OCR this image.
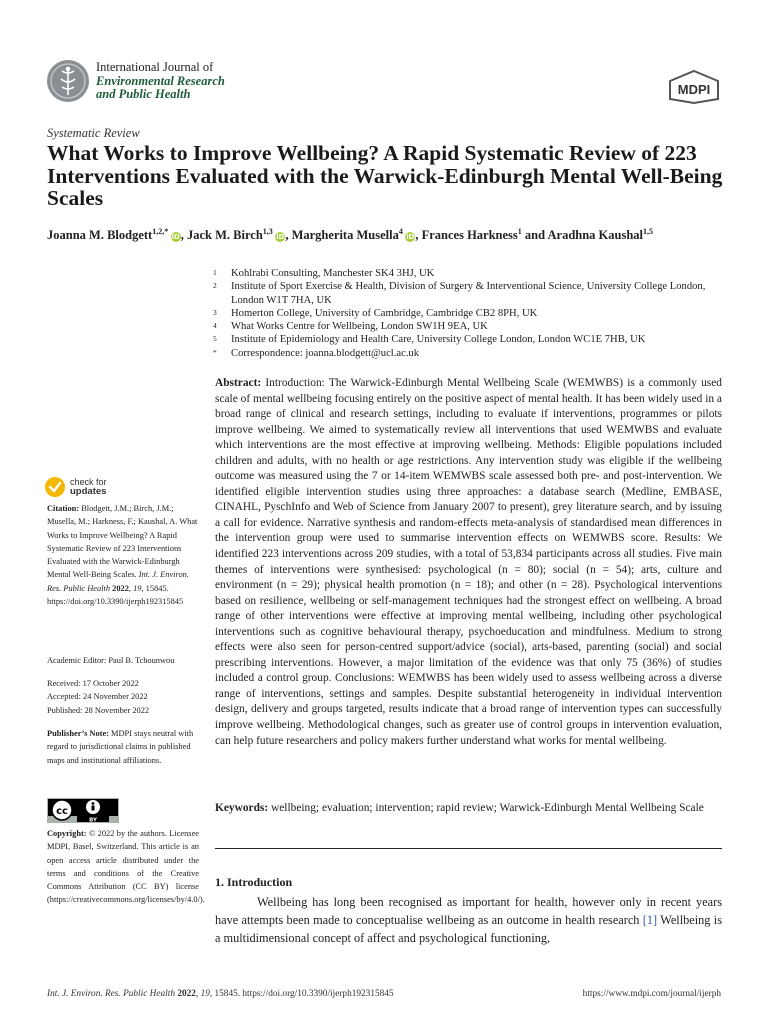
International Journal of
Environmental Research
and Public Health	MDPI
Systematic Review
What Works to Improve Wellbeing? A Rapid Systematic Review of 223 Interventions Evaluated with the Warwick-Edinburgh Mental Well-Being Scales
Joanna M. Blodgett$^{1,2,*}$ iD, Jack M. Birch$^{1,3}$ iD, Margherita Musella$^4$ iD, Frances Harkness$^1$ and Aradhna Kaushal$^{1,5}$
1	Kohlrabi Consulting, Manchester SK4 3HJ, UK
2	Institute of Sport Exercise & Health, Division of Surgery & Interventional Science, University College London, London W1T 7HA, UK
3	Homerton College, University of Cambridge, Cambridge CB2 8PH, UK
4	What Works Centre for Wellbeing, London SW1H 9EA, UK
5	Institute of Epidemiology and Health Care, University College London, London WC1E 7HB, UK
*	Correspondence: joanna.blodgett@ucl.ac.uk
Abstract: Introduction: The Warwick-Edinburgh Mental Wellbeing Scale (WEMWBS) is a commonly used scale of mental wellbeing focusing entirely on the positive aspect of mental health. It has been widely used in a broad range of clinical and research settings, including to evaluate if interventions, programmes or pilots improve wellbeing. We aimed to systematically review all interventions that used WEMWBS and evaluate which interventions are the most effective at improving wellbeing. Methods: Eligible populations included children and adults, with no health or age restrictions. Any intervention study was eligible if the wellbeing outcome was measured using the 7 or 14-item WEMWBS scale assessed both pre- and post-intervention. We identified eligible intervention studies using three approaches: a database search (Medline, EMBASE, CINAHL, PyschInfo and Web of Science from January 2007 to present), grey literature search, and by issuing a call for evidence. Narrative synthesis and random-effects meta-analysis of standardised mean differences in the intervention group were used to summarise intervention effects on WEMWBS score. Results: We identified 223 interventions across 209 studies, with a total of 53,834 participants across all studies. Five main themes of interventions were synthesised: psychological (n = 80); social (n = 54); arts, culture and environment (n = 29); physical health promotion (n = 18); and other (n = 28). Psychological interventions based on resilience, wellbeing or self-management techniques had the strongest effect on wellbeing. A broad range of other interventions were effective at improving mental wellbeing, including other psychological interventions such as cognitive behavioural therapy, psychoeducation and mindfulness. Medium to strong effects were also seen for person-centred support/advice (social), arts-based, parenting (social) and social prescribing interventions. However, a major limitation of the evidence was that only 75 (36%) of studies included a control group. Conclusions: WEMWBS has been widely used to assess wellbeing across a diverse range of interventions, settings and samples. Despite substantial heterogeneity in individual intervention design, delivery and groups targeted, results indicate that a broad range of intervention types can successfully improve wellbeing. Methodological changes, such as greater use of control groups in intervention evaluation, can help future researchers and policy makers further understand what works for mental wellbeing.
Keywords: wellbeing; evaluation; intervention; rapid review; Warwick-Edinburgh Mental Wellbeing Scale
1. Introduction
Wellbeing has long been recognised as important for health, however only in recent years have attempts been made to conceptualise wellbeing as an outcome in health research [1] Wellbeing is a multidimensional concept of affect and psychological functioning,
check for
updates
Citation: Blodgett, J.M.; Birch, J.M.; Musella, M.; Harkness, F.; Kaushal, A. What Works to Improve Wellbeing? A Rapid Systematic Review of 223 Interventions Evaluated with the Warwick-Edinburgh Mental Well-Being Scales. Int. J. Environ. Res. Public Health 2022, 19, 15845. https://doi.org/10.3390/ijerph192315845
Academic Editor: Paul B. Tchounwou
Received: 17 October 2022
Accepted: 24 November 2022
Published: 28 November 2022
Publisher’s Note: MDPI stays neutral with regard to jurisdictional claims in published maps and institutional affiliations.
cc
BY
Copyright: © 2022 by the authors. Licensee MDPI, Basel, Switzerland. This article is an open access article distributed under the terms and conditions of the Creative Commons Attribution (CC BY) license (https://creativecommons.org/licenses/by/4.0/).
Int. J. Environ. Res. Public Health 2022, 19, 15845. https://doi.org/10.3390/ijerph192315845	https://www.mdpi.com/journal/ijerph
